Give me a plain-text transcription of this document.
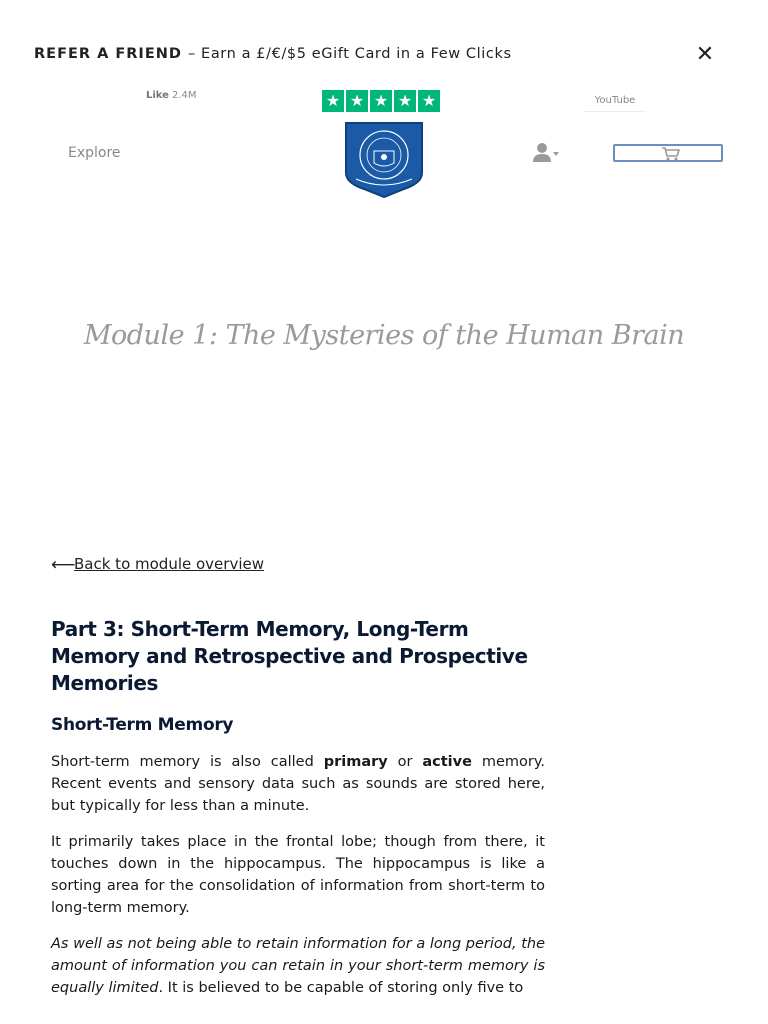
REFER A FRIEND – Earn a £/€/$5 eGift Card in a Few Clicks	✕
Like 2.4M	★ ★ ★ ★ ★	YouTube
Explore
Module 1: The Mysteries of the Human Brain
⟵Back to module overview
Part 3: Short-Term Memory, Long-Term Memory and Retrospective and Prospective Memories
Short-Term Memory

Short-term memory is also called primary or active memory. Recent events and sensory data such as sounds are stored here, but typically for less than a minute.

It primarily takes place in the frontal lobe; though from there, it touches down in the hippocampus. The hippocampus is like a sorting area for the consolidation of information from short-term to long-term memory.

As well as not being able to retain information for a long period, the amount of information you can retain in your short-term memory is equally limited. It is believed to be capable of storing only five to
